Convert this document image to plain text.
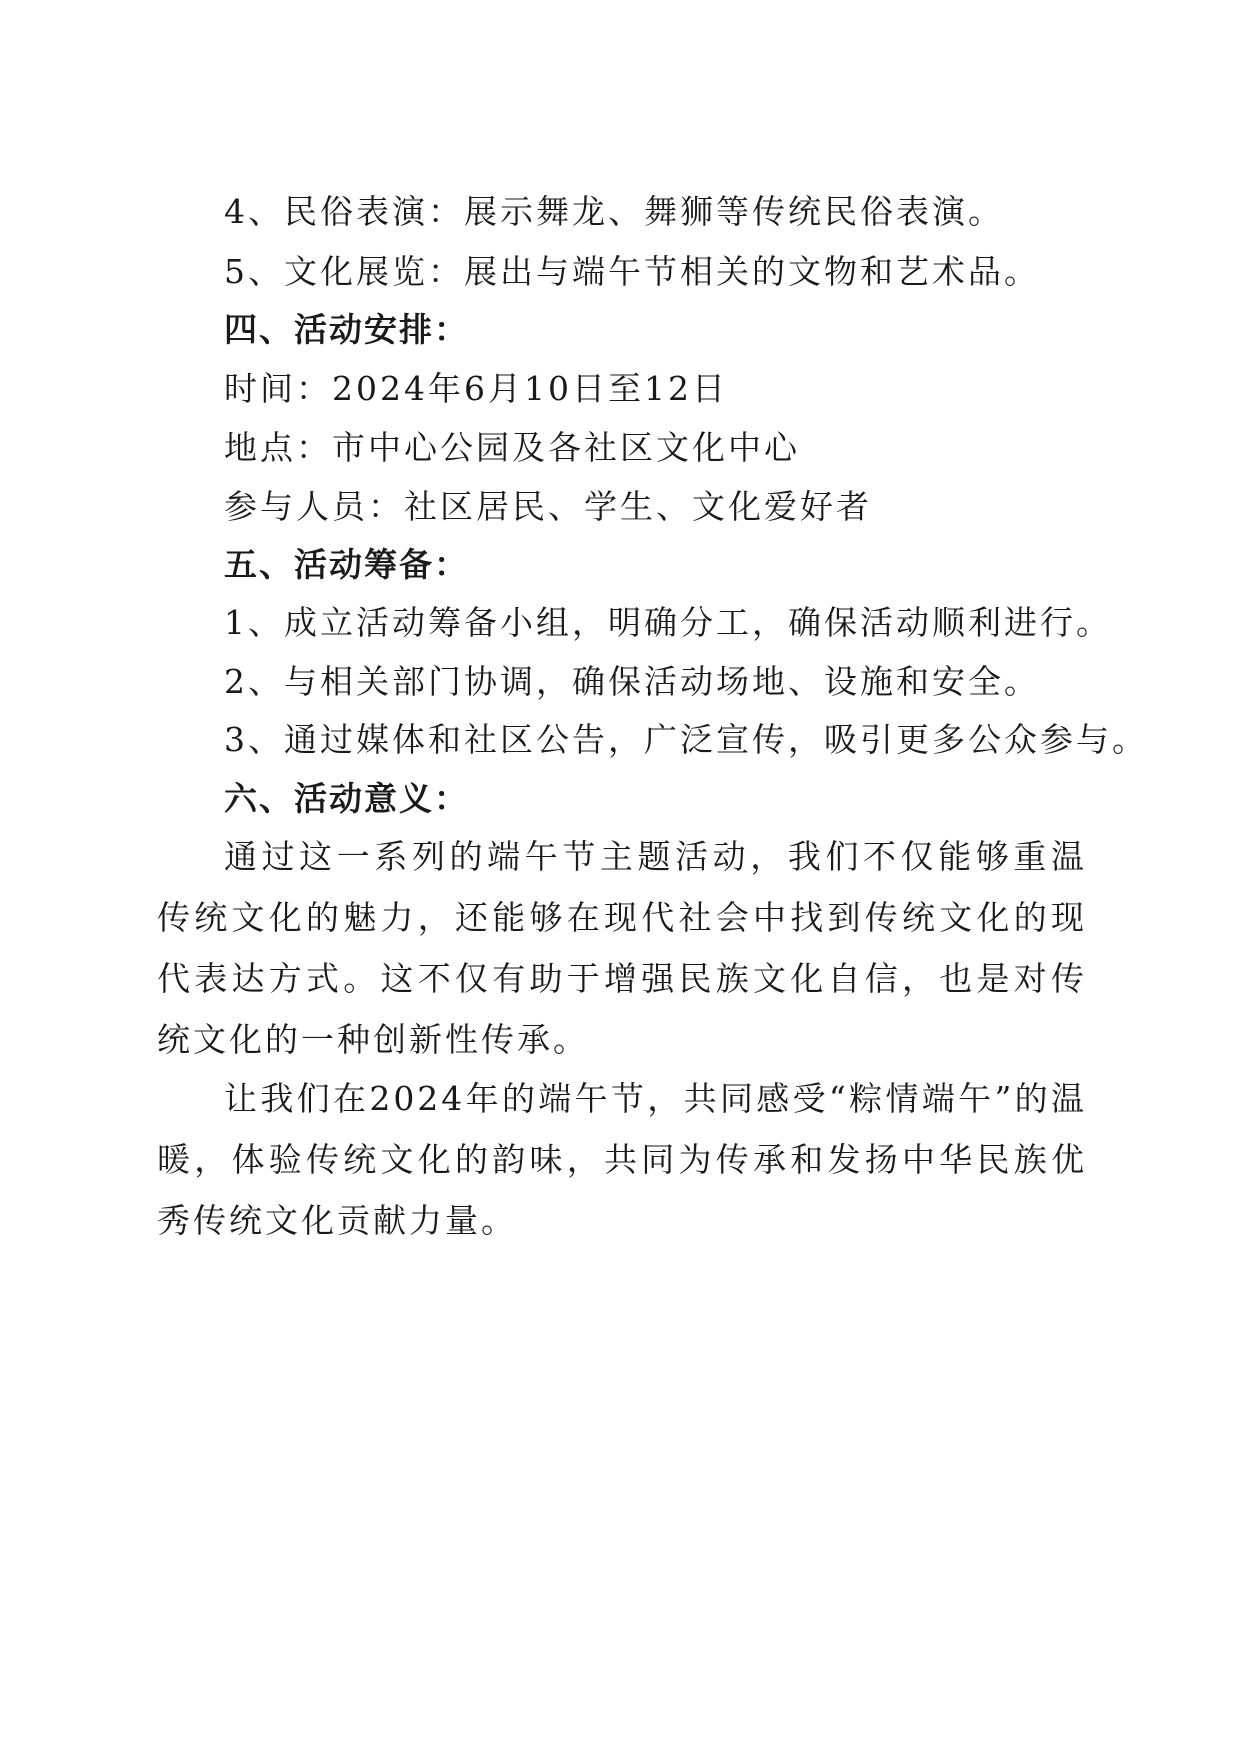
4、民俗表演：展示舞龙、舞狮等传统民俗表演。
5、文化展览：展出与端午节相关的文物和艺术品。
四、活动安排：
时间：2024年6月10日至12日
地点：市中心公园及各社区文化中心
参与人员：社区居民、学生、文化爱好者
五、活动筹备：
1、成立活动筹备小组，明确分工，确保活动顺利进行。
2、与相关部门协调，确保活动场地、设施和安全。
3、通过媒体和社区公告，广泛宣传，吸引更多公众参与。
六、活动意义：
通过这一系列的端午节主题活动，我们不仅能够重温传统文化的魅力，还能够在现代社会中找到传统文化的现代表达方式。这不仅有助于增强民族文化自信，也是对传统文化的一种创新性传承。
让我们在2024年的端午节，共同感受“粽情端午”的温暖，体验传统文化的韵味，共同为传承和发扬中华民族优秀传统文化贡献力量。
